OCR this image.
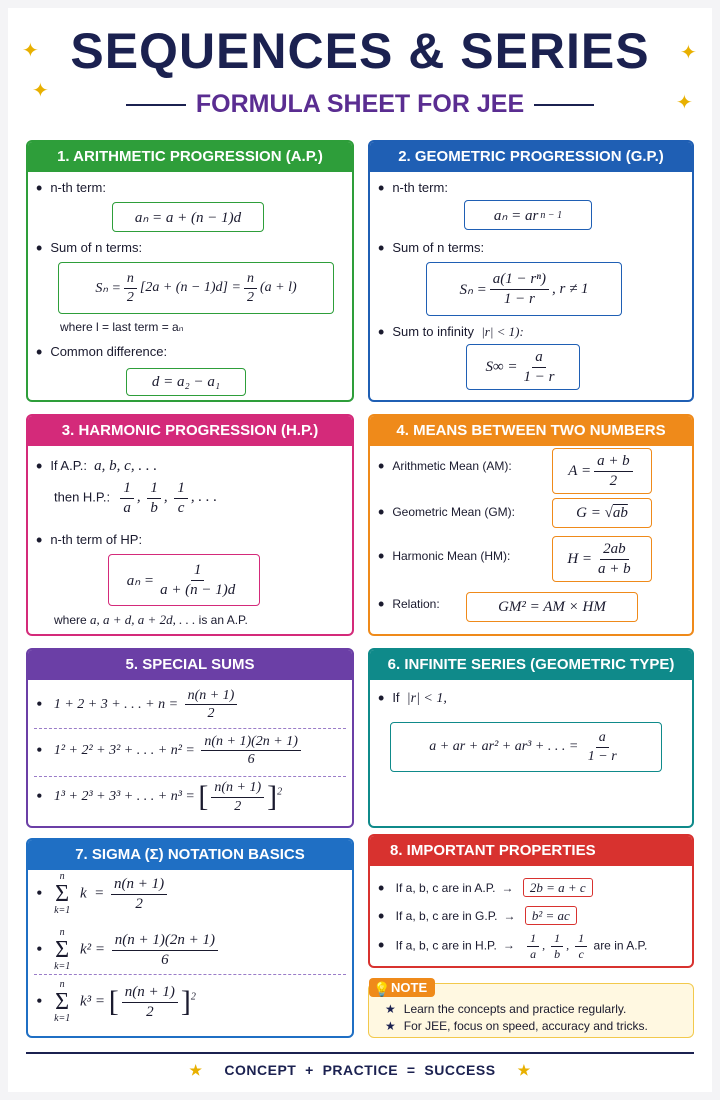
✦
✦
✦
✦
SEQUENCES & SERIES
FORMULA SHEET FOR JEE
1. ARITHMETIC PROGRESSION (A.P.)
• n-th term:
aₙ = a + (n − 1)d
• Sum of n terms:
$S_n = \frac{n}{2} [2a + (n - 1)d] = \frac{n}{2} (a + l)$
where l = last term = aₙ
• Common difference:
d = a₂ − a₁
2. GEOMETRIC PROGRESSION (G.P.)
• n-th term:
aₙ = ar n − 1
• Sum of n terms:
$S_n = \frac{\text{a(1 − rⁿ)}}{1 - r}$ , r ≠ 1
• Sum to infinity |r| < 1):
$S\infty = \frac{a}{1 - r}$
3. HARMONIC PROGRESSION (H.P.)
• If A.P.: a, b, c, . . .
then H.P.: $\frac{1}{a}$ , $\frac{1}{b}$ , $\frac{1}{c}$ , . . .
• n-th term of HP:
$a_n = \frac{1}{a + (n - 1)d}$
where a, a + d, a + 2d, . . . is an A.P.
4. MEANS BETWEEN TWO NUMBERS
• Arithmetic Mean (AM):	$A = \frac{a + b}{2}$
• Geometric Mean (GM):	G = √ ab
• Harmonic Mean (HM):	$H = \frac{2ab}{a + b}$
• Relation:	GM² = AM × HM
5. SPECIAL SUMS
• 1 + 2 + 3 + . . . + $n = \frac{n(n + 1)}{2}$
• 1² + 2² + 3² + . . . + $n^2 = \frac{n(n + 1)(2n + 1)}{6}$
• 1³ + 2³ + 3³ + . . . + n³ = [ $\frac{n(n + 1)}{2} ]^2$
6. INFINITE SERIES (GEOMETRIC TYPE)
• If |r| < 1,
a + ar + ar² + ar³ + . . . =
$\frac{a}{1 - r}$
7. SIGMA (Σ) NOTATION BASICS

• n
Σ
k=1
$k = \frac{n(n + 1)}{2}$

• n
Σ
k=1
$k^2 = \frac{n(n + 1)(2n + 1)}{6}$

• n
Σ
k=1
k³ = [ $\frac{n(n + 1)}{2} ]^2$
8. IMPORTANT PROPERTIES
• If a, b, c are in A.P. → 2b = a + c
• If a, b, c are in G.P. → b² = ac
• If a, b, c are in H.P. → $\frac{1}{a}$ , $\frac{1}{b}$ , $\frac{1}{c}$ are in A.P.
NOTE
💡
★ Learn the concepts and practice regularly.
★ For JEE, focus on speed, accuracy and tricks.
★ CONCEPT  +  PRACTICE  =  SUCCESS ★
